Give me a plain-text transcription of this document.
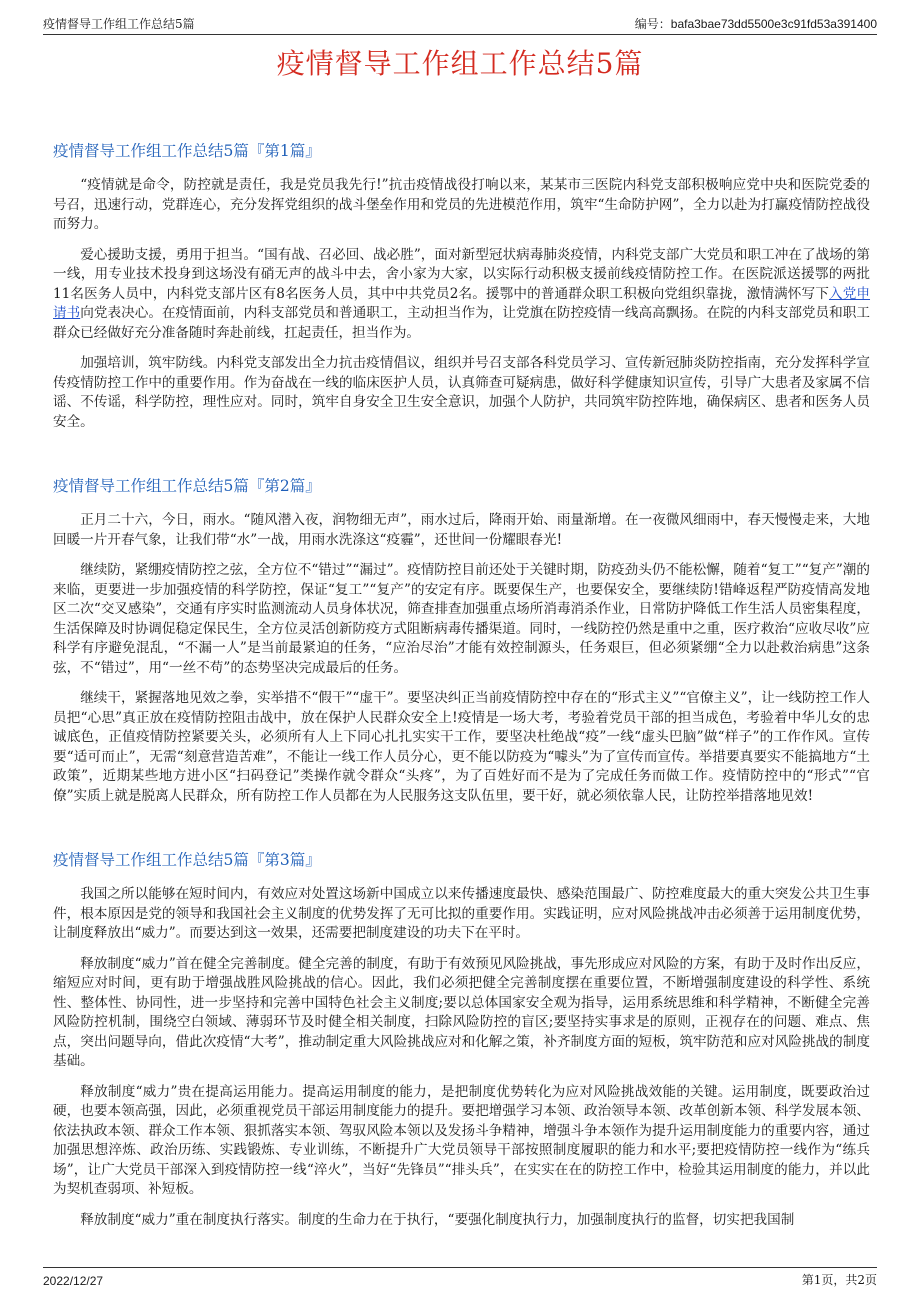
疫情督导工作组工作总结5篇	编号：bafa3bae73dd5500e3c91fd53a391400
疫情督导工作组工作总结5篇
疫情督导工作组工作总结5篇『第1篇』

“疫情就是命令，防控就是责任，我是党员我先行!”抗击疫情战役打响以来，某某市三医院内科党支部积极响应党中央和医院党委的号召，迅速行动，党群连心，充分发挥党组织的战斗堡垒作用和党员的先进模范作用，筑牢“生命防护网”，全力以赴为打赢疫情防控战役而努力。

爱心援助支援，勇用于担当。“国有战、召必回、战必胜”，面对新型冠状病毒肺炎疫情，内科党支部广大党员和职工冲在了战场的第一线，用专业技术投身到这场没有硝无声的战斗中去，舍小家为大家，以实际行动积极支援前线疫情防控工作。在医院派送援鄂的两批11名医务人员中，内科党支部片区有8名医务人员，其中中共党员2名。援鄂中的普通群众职工积极向党组织靠拢，激情满怀写下入党申请书向党表决心。在疫情面前，内科支部党员和普通职工，主动担当作为，让党旗在防控疫情一线高高飘扬。在院的内科支部党员和职工群众已经做好充分准备随时奔赴前线，扛起责任，担当作为。

加强培训，筑牢防线。内科党支部发出全力抗击疫情倡议，组织并号召支部各科党员学习、宣传新冠肺炎防控指南，充分发挥科学宣传疫情防控工作中的重要作用。作为奋战在一线的临床医护人员，认真筛查可疑病患，做好科学健康知识宣传，引导广大患者及家属不信谣、不传谣，科学防控，理性应对。同时，筑牢自身安全卫生安全意识，加强个人防护，共同筑牢防控阵地，确保病区、患者和医务人员安全。

疫情督导工作组工作总结5篇『第2篇』

正月二十六，今日，雨水。“随风潜入夜，润物细无声”，雨水过后，降雨开始、雨量渐增。在一夜微风细雨中，春天慢慢走来，大地回暖一片开春气象，让我们带“水”一战，用雨水洗涤这“疫霾”，还世间一份耀眼春光!

继续防，紧绷疫情防控之弦，全方位不“错过”“漏过”。疫情防控目前还处于关键时期，防疫劲头仍不能松懈，随着“复工”“复产”潮的来临，更要进一步加强疫情的科学防控，保证“复工”“复产”的安定有序。既要保生产，也要保安全，要继续防!错峰返程严防疫情高发地区二次“交叉感染”，交通有序实时监测流动人员身体状况，筛查排查加强重点场所消毒消杀作业，日常防护降低工作生活人员密集程度，生活保障及时协调促稳定保民生，全方位灵活创新防疫方式阻断病毒传播渠道。同时，一线防控仍然是重中之重，医疗救治“应收尽收”应科学有序避免混乱，“不漏一人”是当前最紧迫的任务，“应治尽治”才能有效控制源头，任务艰巨，但必须紧绷“全力以赴救治病患”这条弦，不“错过”，用“一丝不苟”的态势坚决完成最后的任务。

继续干，紧握落地见效之拳，实举措不“假干”“虚干”。要坚决纠正当前疫情防控中存在的“形式主义”“官僚主义”，让一线防控工作人员把“心思”真正放在疫情防控阻击战中，放在保护人民群众安全上!疫情是一场大考，考验着党员干部的担当成色，考验着中华儿女的忠诚底色，正值疫情防控紧要关头，必须所有人上下同心扎扎实实干工作，要坚决杜绝战“疫”一线“虚头巴脑”做“样子”的工作作风。宣传要“适可而止”，无需“刻意营造苦难”，不能让一线工作人员分心，更不能以防疫为“噱头”为了宣传而宣传。举措要真要实不能搞地方“土政策”，近期某些地方进小区“扫码登记”类操作就令群众“头疼”，为了百姓好而不是为了完成任务而做工作。疫情防控中的“形式”“官僚”实质上就是脱离人民群众，所有防控工作人员都在为人民服务这支队伍里，要干好，就必须依靠人民，让防控举措落地见效!

疫情督导工作组工作总结5篇『第3篇』

我国之所以能够在短时间内，有效应对处置这场新中国成立以来传播速度最快、感染范围最广、防控难度最大的重大突发公共卫生事件，根本原因是党的领导和我国社会主义制度的优势发挥了无可比拟的重要作用。实践证明，应对风险挑战冲击必须善于运用制度优势，让制度释放出“威力”。而要达到这一效果，还需要把制度建设的功夫下在平时。

释放制度“威力”首在健全完善制度。健全完善的制度，有助于有效预见风险挑战，事先形成应对风险的方案，有助于及时作出反应，缩短应对时间，更有助于增强战胜风险挑战的信心。因此，我们必须把健全完善制度摆在重要位置，不断增强制度建设的科学性、系统性、整体性、协同性，进一步坚持和完善中国特色社会主义制度;要以总体国家安全观为指导，运用系统思维和科学精神，不断健全完善风险防控机制，围绕空白领域、薄弱环节及时健全相关制度，扫除风险防控的盲区;要坚持实事求是的原则，正视存在的问题、难点、焦点，突出问题导向，借此次疫情“大考”，推动制定重大风险挑战应对和化解之策，补齐制度方面的短板，筑牢防范和应对风险挑战的制度基础。

释放制度“威力”贵在提高运用能力。提高运用制度的能力，是把制度优势转化为应对风险挑战效能的关键。运用制度，既要政治过硬，也要本领高强，因此，必须重视党员干部运用制度能力的提升。要把增强学习本领、政治领导本领、改革创新本领、科学发展本领、依法执政本领、群众工作本领、狠抓落实本领、驾驭风险本领以及发扬斗争精神，增强斗争本领作为提升运用制度能力的重要内容，通过加强思想淬炼、政治历练、实践锻炼、专业训练，不断提升广大党员领导干部按照制度履职的能力和水平;要把疫情防控一线作为“练兵场”，让广大党员干部深入到疫情防控一线“淬火”，当好“先锋员”“排头兵”，在实实在在的防控工作中，检验其运用制度的能力，并以此为契机查弱项、补短板。

释放制度“威力”重在制度执行落实。制度的生命力在于执行，“要强化制度执行力，加强制度执行的监督，切实把我国制

2022/12/27	第1页，共2页
